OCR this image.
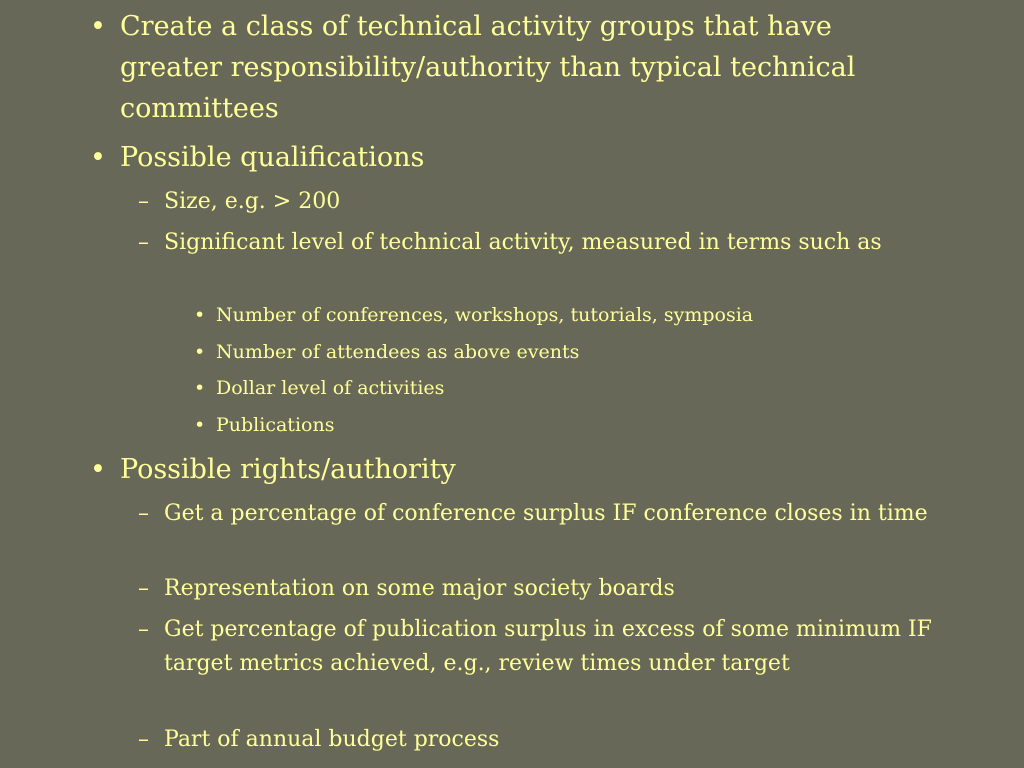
• Create a class of technical activity groups that have greater responsibility/authority than typical technical committees
• Possible qualifications
– Size, e.g. > 200
– Significant level of technical activity, measured in terms such as
• Number of conferences, workshops, tutorials, symposia
• Number of attendees as above events
• Dollar level of activities
• Publications
• Possible rights/authority
– Get a percentage of conference surplus IF conference closes in time
– Representation on some major society boards
– Get percentage of publication surplus in excess of some minimum IF target metrics achieved, e.g., review times under target
– Part of annual budget process
